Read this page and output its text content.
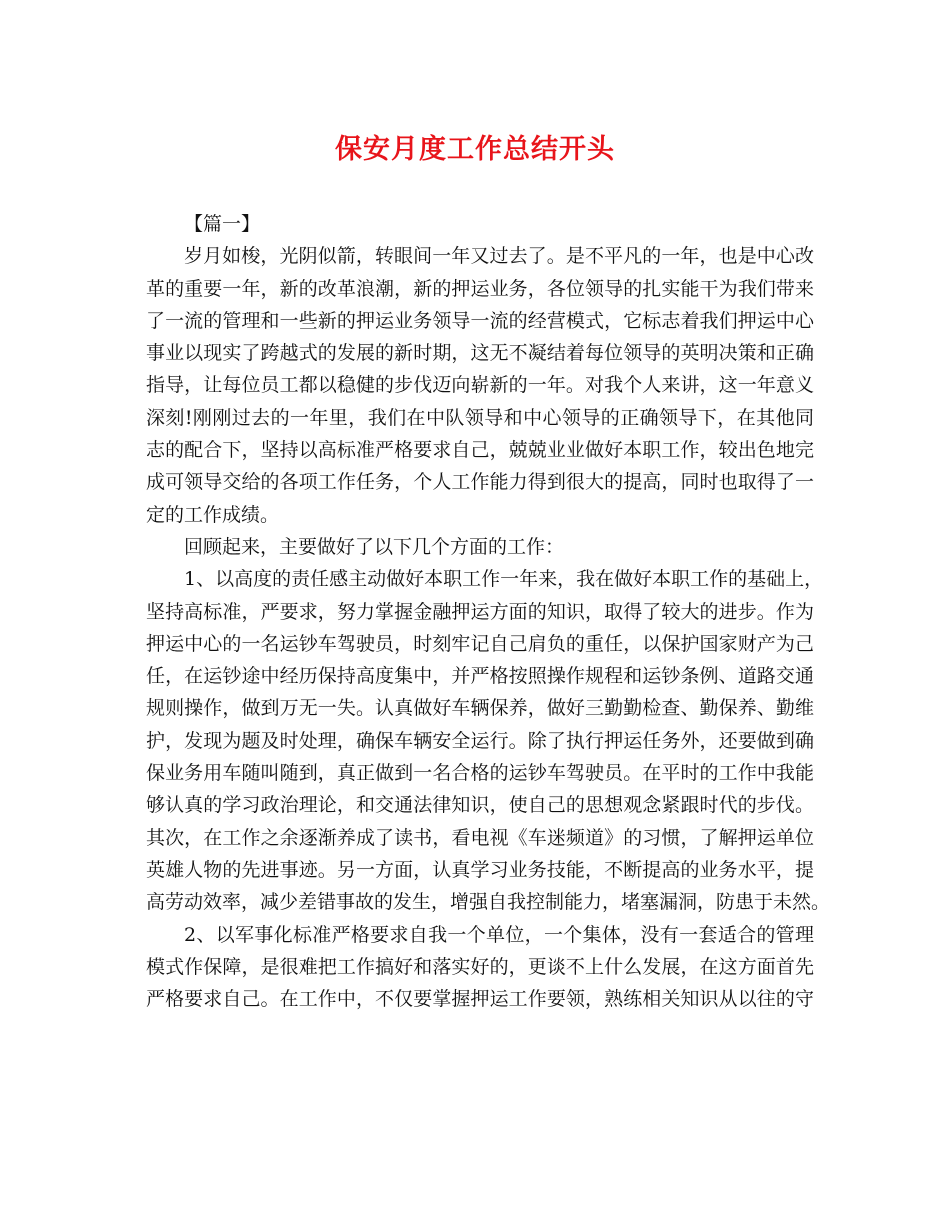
保安月度工作总结开头
【篇一】
岁月如梭，光阴似箭，转眼间一年又过去了。是不平凡的一年，也是中心改
革的重要一年，新的改革浪潮，新的押运业务，各位领导的扎实能干为我们带来
了一流的管理和一些新的押运业务领导一流的经营模式，它标志着我们押运中心
事业以现实了跨越式的发展的新时期，这无不凝结着每位领导的英明决策和正确
指导，让每位员工都以稳健的步伐迈向崭新的一年。对我个人来讲，这一年意义
深刻!刚刚过去的一年里，我们在中队领导和中心领导的正确领导下，在其他同
志的配合下，坚持以高标准严格要求自己，兢兢业业做好本职工作，较出色地完
成可领导交给的各项工作任务，个人工作能力得到很大的提高，同时也取得了一
定的工作成绩。
回顾起来，主要做好了以下几个方面的工作：
1、以高度的责任感主动做好本职工作一年来，我在做好本职工作的基础上，
坚持高标准，严要求，努力掌握金融押运方面的知识，取得了较大的进步。作为
押运中心的一名运钞车驾驶员，时刻牢记自己肩负的重任，以保护国家财产为己
任，在运钞途中经历保持高度集中，并严格按照操作规程和运钞条例、道路交通
规则操作，做到万无一失。认真做好车辆保养，做好三勤勤检查、勤保养、勤维
护，发现为题及时处理，确保车辆安全运行。除了执行押运任务外，还要做到确
保业务用车随叫随到，真正做到一名合格的运钞车驾驶员。在平时的工作中我能
够认真的学习政治理论，和交通法律知识，使自己的思想观念紧跟时代的步伐。
其次，在工作之余逐渐养成了读书，看电视《车迷频道》的习惯，了解押运单位
英雄人物的先进事迹。另一方面，认真学习业务技能，不断提高的业务水平，提
高劳动效率，减少差错事故的发生，增强自我控制能力，堵塞漏洞，防患于未然。
2、以军事化标准严格要求自我一个单位，一个集体，没有一套适合的管理
模式作保障，是很难把工作搞好和落实好的，更谈不上什么发展，在这方面首先
严格要求自己。在工作中，不仅要掌握押运工作要领，熟练相关知识从以往的守
